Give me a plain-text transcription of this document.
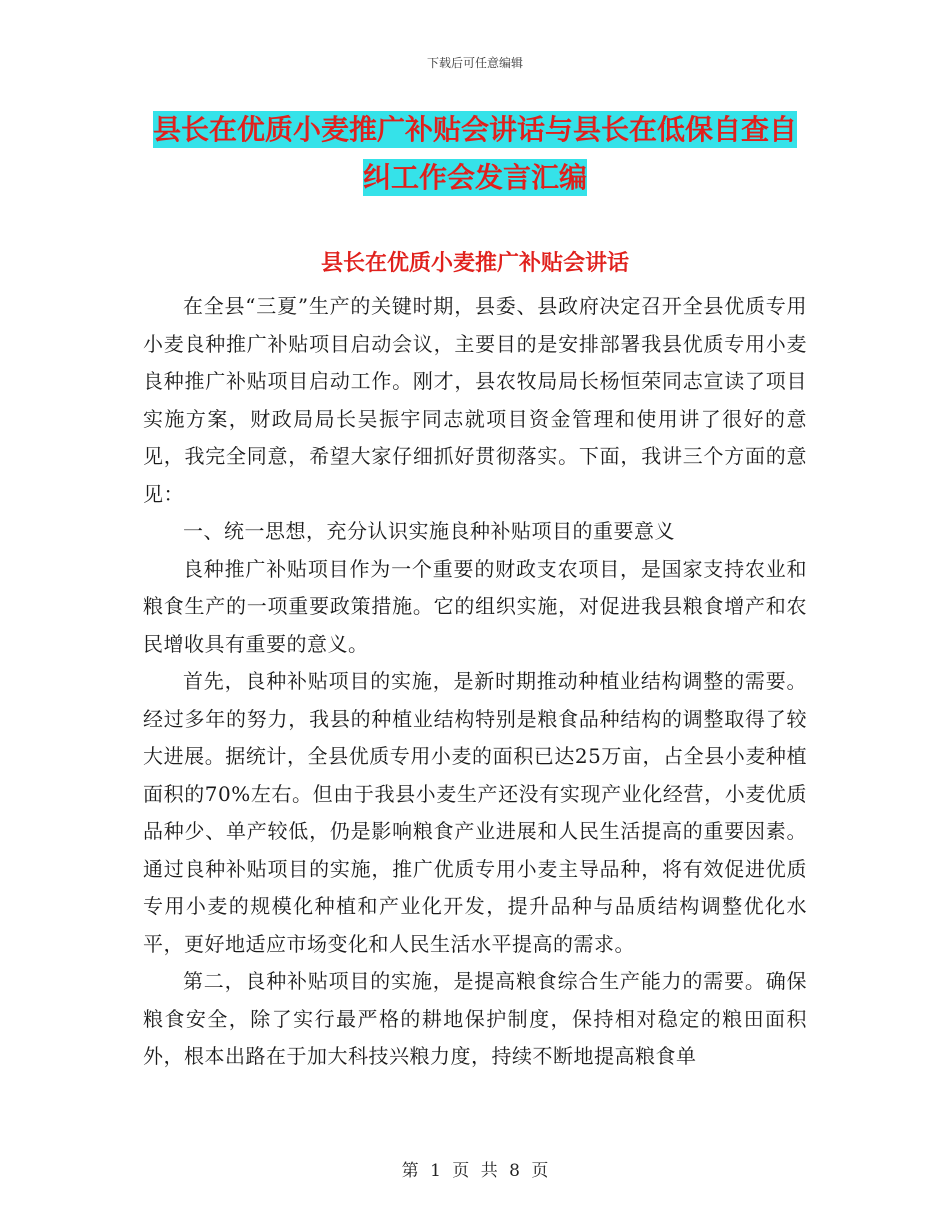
下载后可任意编辑
县长在优质小麦推广补贴会讲话与县长在低保自查自
纠工作会发言汇编
县长在优质小麦推广补贴会讲话

在全县“三夏”生产的关键时期，县委、县政府决定召开全县优质专用小麦良种推广补贴项目启动会议，主要目的是安排部署我县优质专用小麦良种推广补贴项目启动工作。刚才，县农牧局局长杨恒荣同志宣读了项目实施方案，财政局局长吴振宇同志就项目资金管理和使用讲了很好的意见，我完全同意，希望大家仔细抓好贯彻落实。下面，我讲三个方面的意见：

一、统一思想，充分认识实施良种补贴项目的重要意义

良种推广补贴项目作为一个重要的财政支农项目，是国家支持农业和粮食生产的一项重要政策措施。它的组织实施，对促进我县粮食增产和农民增收具有重要的意义。

首先，良种补贴项目的实施，是新时期推动种植业结构调整的需要。经过多年的努力，我县的种植业结构特别是粮食品种结构的调整取得了较大进展。据统计，全县优质专用小麦的面积已达25万亩，占全县小麦种植面积的70%左右。但由于我县小麦生产还没有实现产业化经营，小麦优质品种少、单产较低，仍是影响粮食产业进展和人民生活提高的重要因素。通过良种补贴项目的实施，推广优质专用小麦主导品种，将有效促进优质专用小麦的规模化种植和产业化开发，提升品种与品质结构调整优化水平，更好地适应市场变化和人民生活水平提高的需求。

第二，良种补贴项目的实施，是提高粮食综合生产能力的需要。确保粮食安全，除了实行最严格的耕地保护制度，保持相对稳定的粮田面积外，根本出路在于加大科技兴粮力度，持续不断地提高粮食单

第 1 页 共 8 页
